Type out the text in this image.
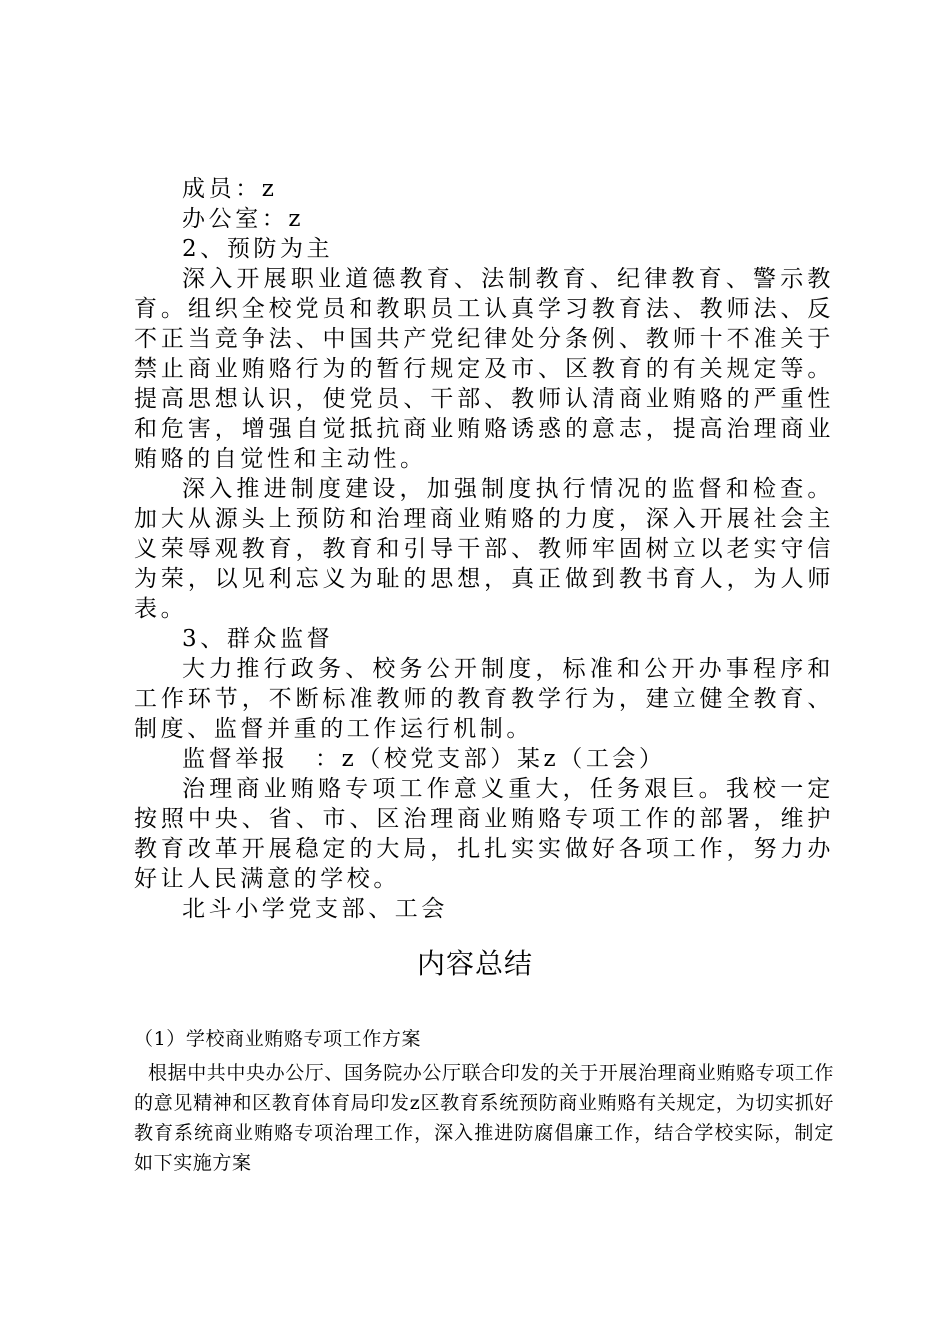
成员：z

办公室：z

2、预防为主

深入开展职业道德教育、法制教育、纪律教育、警示教育。组织全校党员和教职员工认真学习教育法、教师法、反不正当竞争法、中国共产党纪律处分条例、教师十不准关于禁止商业贿赂行为的暂行规定及市、区教育的有关规定等。提高思想认识，使党员、干部、教师认清商业贿赂的严重性和危害，增强自觉抵抗商业贿赂诱惑的意志，提高治理商业贿赂的自觉性和主动性。

深入推进制度建设，加强制度执行情况的监督和检查。加大从源头上预防和治理商业贿赂的力度，深入开展社会主义荣辱观教育，教育和引导干部、教师牢固树立以老实守信为荣，以见利忘义为耻的思想，真正做到教书育人，为人师表。

3、群众监督

大力推行政务、校务公开制度，标准和公开办事程序和工作环节，不断标准教师的教育教学行为，建立健全教育、制度、监督并重的工作运行机制。

监督举报　：z（校党支部）某z（工会）

治理商业贿赂专项工作意义重大，任务艰巨。我校一定按照中央、省、市、区治理商业贿赂专项工作的部署，维护教育改革开展稳定的大局，扎扎实实做好各项工作，努力办好让人民满意的学校。

北斗小学党支部、工会

内容总结

（1）学校商业贿赂专项工作方案

根据中共中央办公厅、国务院办公厅联合印发的关于开展治理商业贿赂专项工作的意见精神和区教育体育局印发z区教育系统预防商业贿赂有关规定，为切实抓好教育系统商业贿赂专项治理工作，深入推进防腐倡廉工作，结合学校实际，制定如下实施方案
